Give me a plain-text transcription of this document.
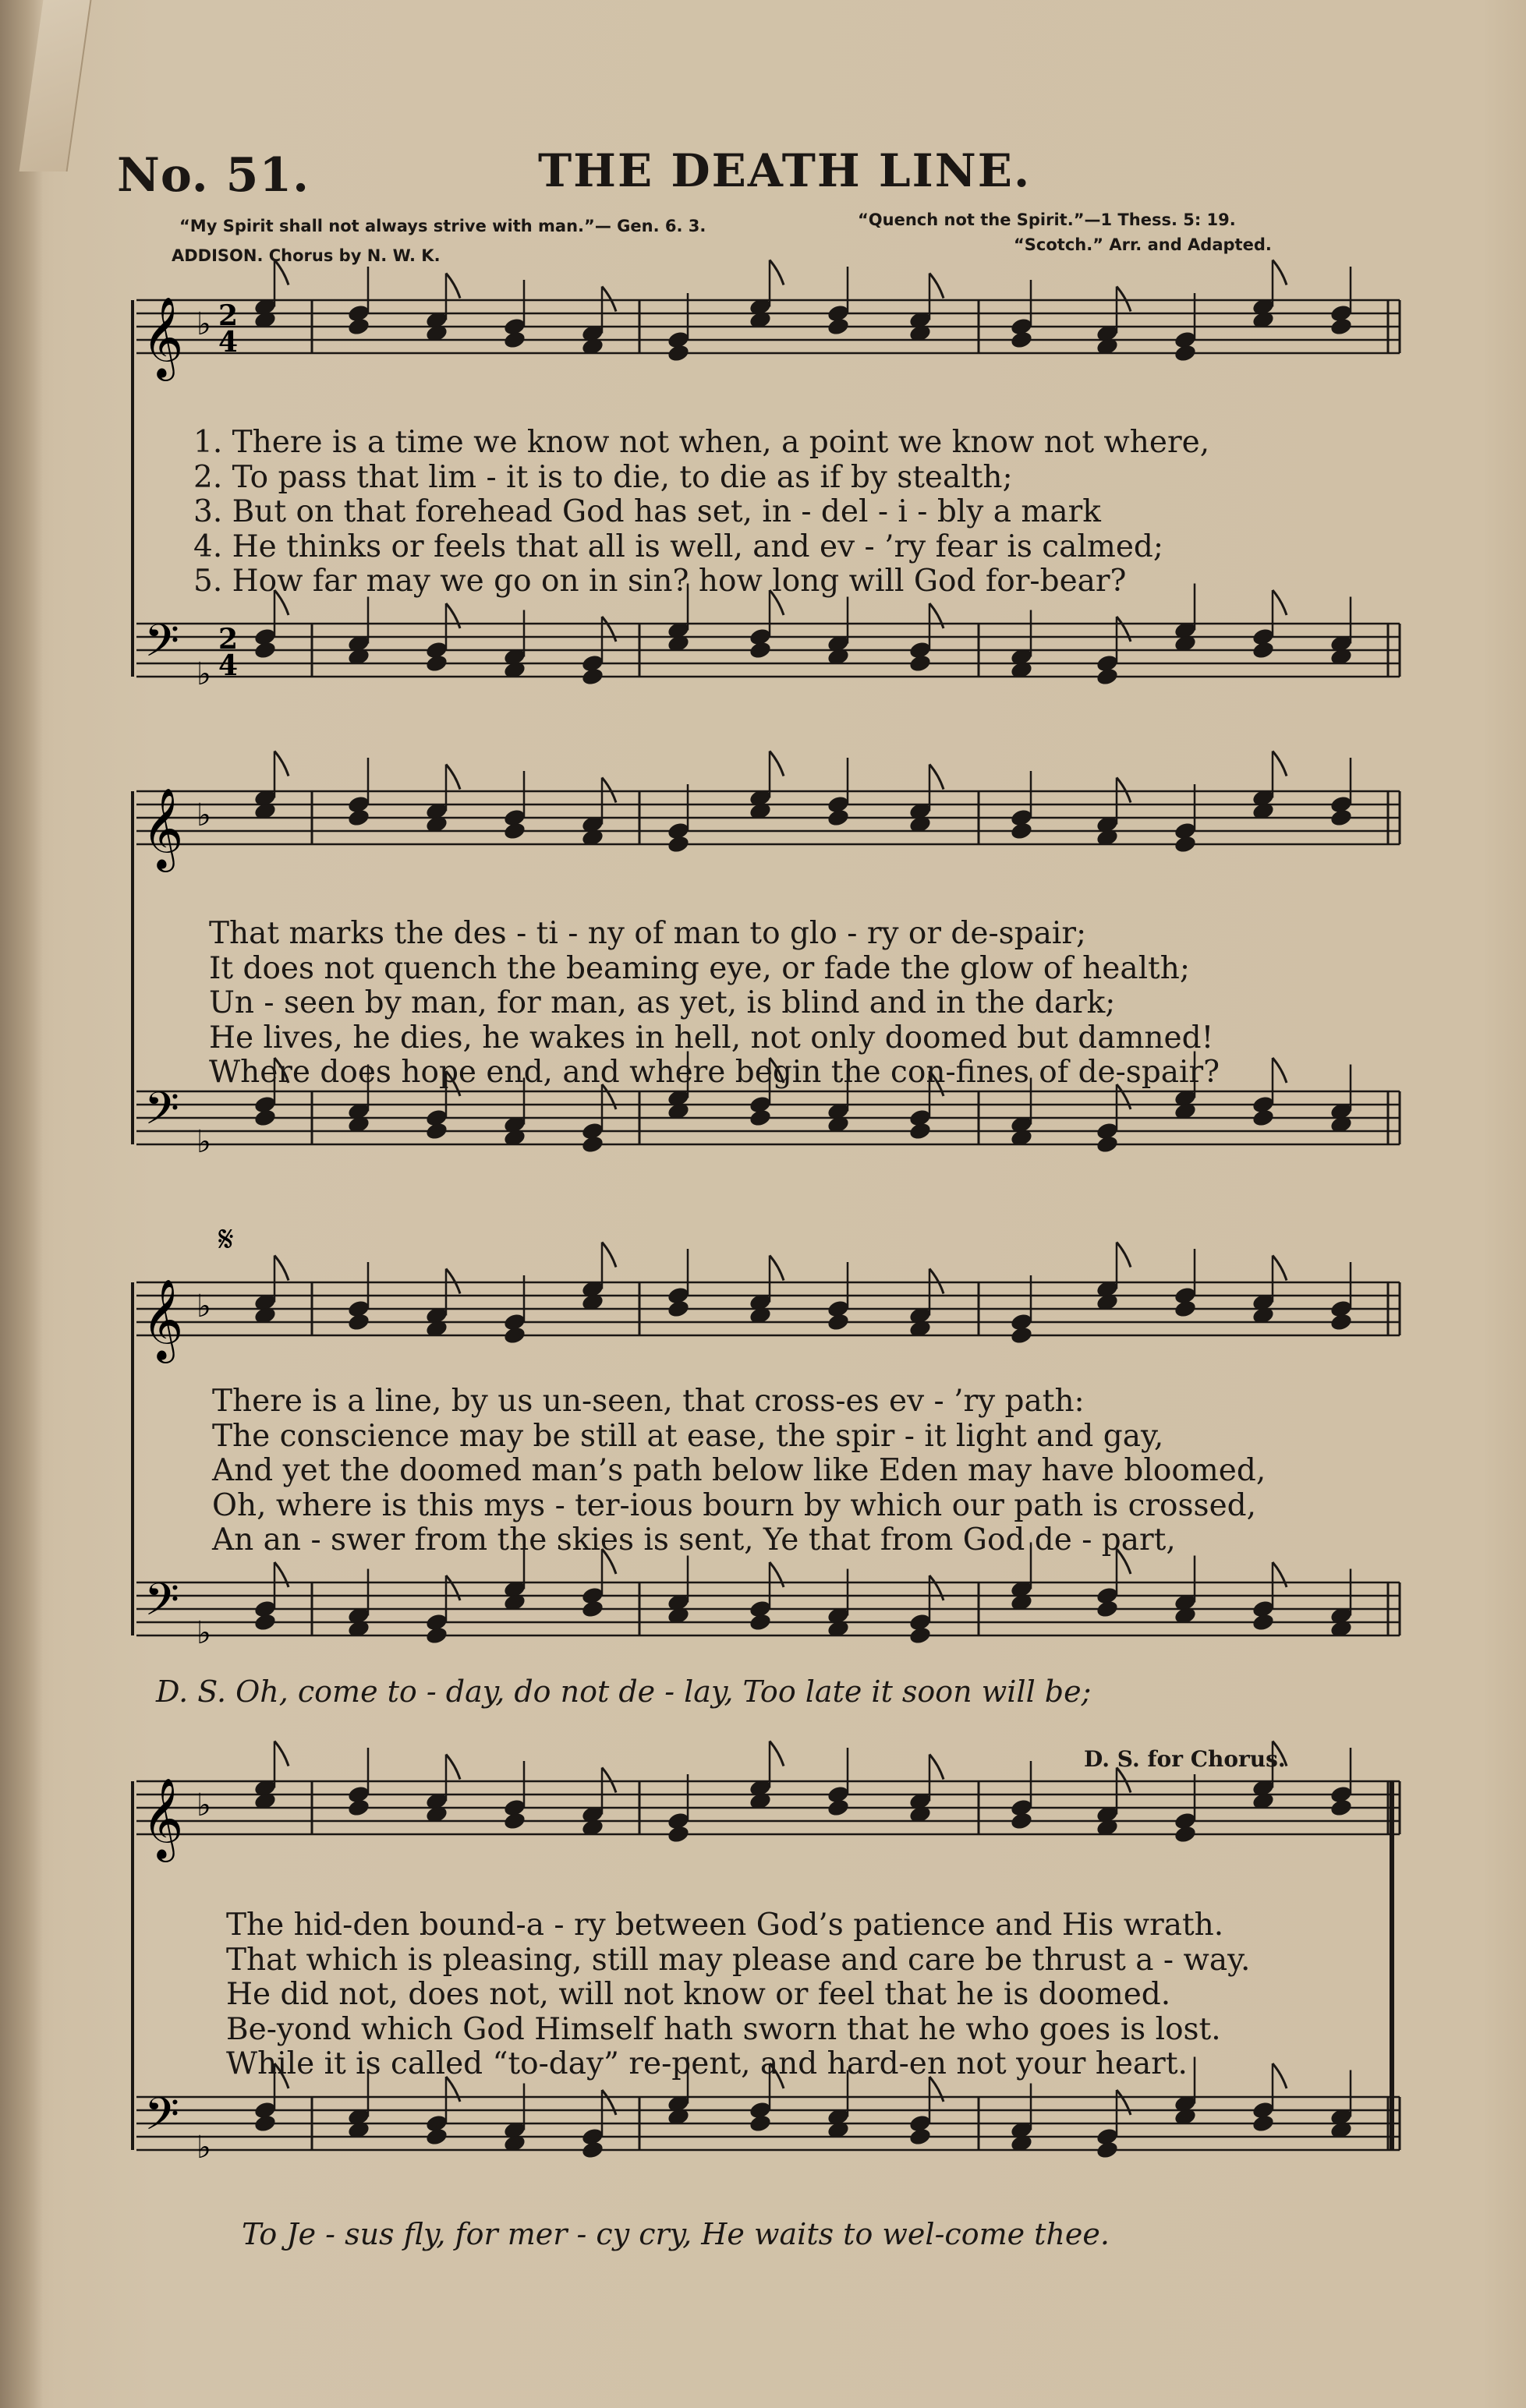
No. 51.	THE DEATH LINE.
“My Spirit shall not always strive with man.”— Gen. 6. 3.	“Quench not the Spirit.”—1 Thess. 5: 19.
ADDISON. Chorus by N. W. K.
“Scotch.” Arr. and Adapted.
𝄞
𝄢
♭
♭
2
2
4
4
𝄞
𝄢
♭
♭
𝄞
𝄢
♭
♭
𝄋
𝄞
𝄢
♭
♭
1. There is a time we know not when, a point we know not where,
2. To pass that lim - it is to die, to die as if by stealth;
3. But on that forehead God has set, in - del - i - bly a mark
4. He thinks or feels that all is well, and ev - ’ry fear is calmed;
5. How far may we go on in sin? how long will God for-bear?
That marks the des - ti - ny of man to glo - ry or de-spair;
It does not quench the beaming eye, or fade the glow of health;
Un - seen by man, for man, as yet, is blind and in the dark;
He lives, he dies, he wakes in hell, not only doomed but damned!
Where does hope end, and where begin the con-fines of de-spair?
There is a line, by us un-seen, that cross-es ev - ’ry path:
The conscience may be still at ease, the spir - it light and gay,
And yet the doomed man’s path below like Eden may have bloomed,
Oh, where is this mys - ter-ious bourn by which our path is crossed,
An an - swer from the skies is sent, Ye that from God de - part,
D. S. Oh, come to - day, do not de - lay, Too late it soon will be;
D. S. for Chorus.
The hid-den bound-a - ry between God’s patience and His wrath.
That which is pleasing, still may please and care be thrust a - way.
He did not, does not, will not know or feel that he is doomed.
Be-yond which God Himself hath sworn that he who goes is lost.
While it is called “to-day” re-pent, and hard-en not your heart.
To Je - sus fly, for mer - cy cry, He waits to wel-come thee.
